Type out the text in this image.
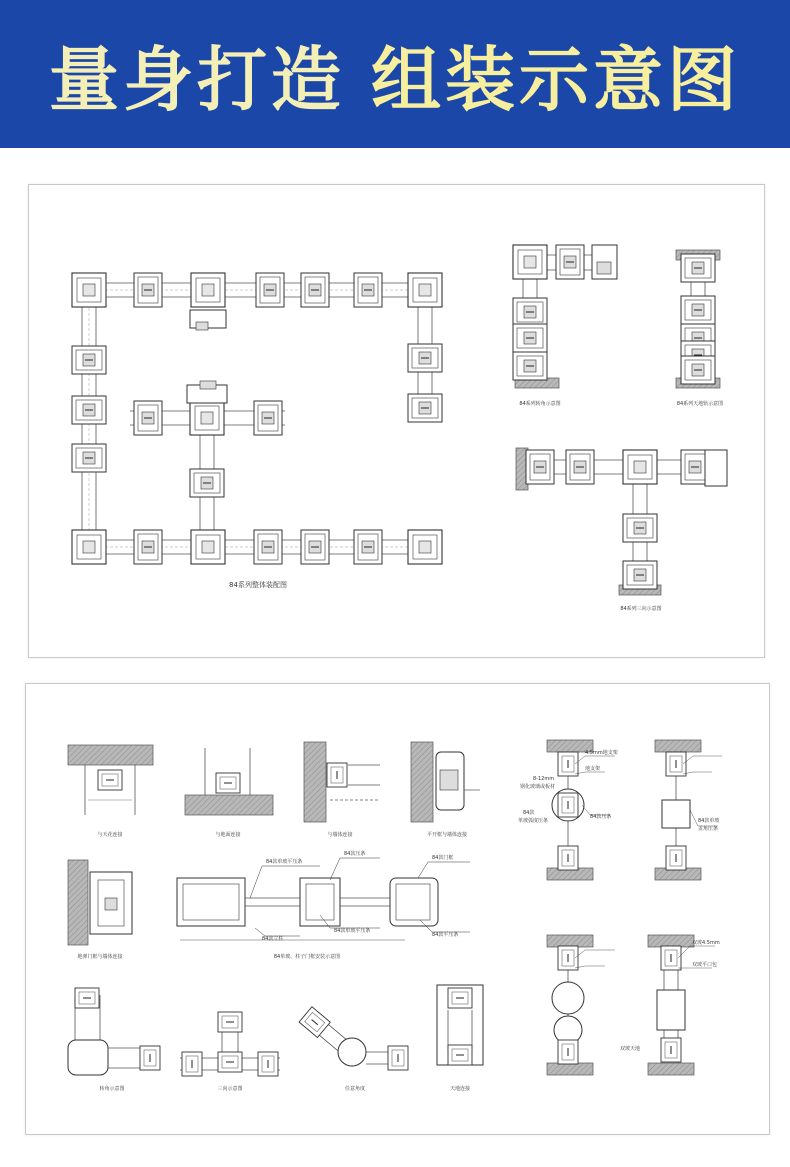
量身打造 组装示意图
84系列整体装配图
84系列转角示意图	84系列天地轨示意图
84系列三向示意图
与天花连接	与地面连接	与墙体连接	平开框与墙体连接
地弹门框与墙体连接
84款单玻平压条
84款压条
84款门框
84款平压条
84款单玻平压条
84款立柱
84单玻、柱子门框安装示意图
转角示意图	三向示意图	任意角度	天地连接
4.5mm地支架
地支架
8-12mm
钢化玻璃或板材
84款压条
84款
单玻弧度压条	84款单玻
盖角压条
双玻4.5mm
双玻平口包
双玻天地
